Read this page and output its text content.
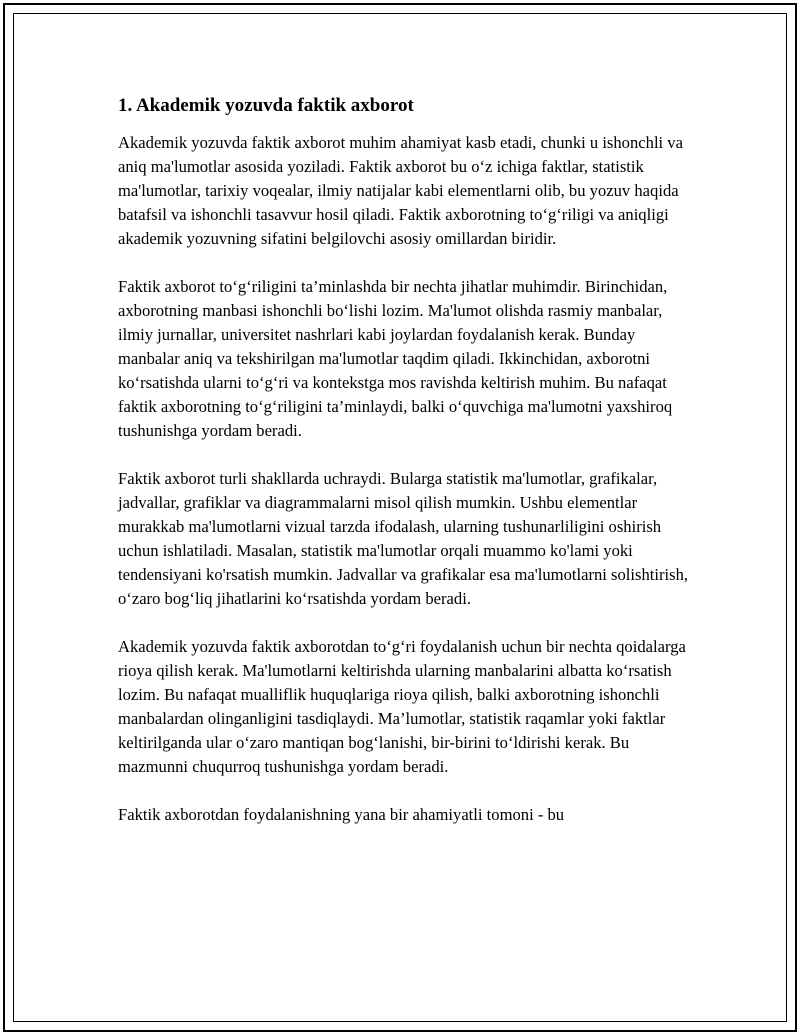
1. Akademik yozuvda faktik axborot

Akademik yozuvda faktik axborot muhim ahamiyat kasb etadi, chunki u ishonchli va aniq ma'lumotlar asosida yoziladi. Faktik axborot bu o‘z ichiga faktlar, statistik ma'lumotlar, tarixiy voqealar, ilmiy natijalar kabi elementlarni olib, bu yozuv haqida batafsil va ishonchli tasavvur hosil qiladi. Faktik axborotning to‘g‘riligi va aniqligi akademik yozuvning sifatini belgilovchi asosiy omillardan biridir.

Faktik axborot to‘g‘riligini ta’minlashda bir nechta jihatlar muhimdir. Birinchidan, axborotning manbasi ishonchli bo‘lishi lozim. Ma'lumot olishda rasmiy manbalar, ilmiy jurnallar, universitet nashrlari kabi joylardan foydalanish kerak. Bunday manbalar aniq va tekshirilgan ma'lumotlar taqdim qiladi. Ikkinchidan, axborotni ko‘rsatishda ularni to‘g‘ri va kontekstga mos ravishda keltirish muhim. Bu nafaqat faktik axborotning to‘g‘riligini ta’minlaydi, balki o‘quvchiga ma'lumotni yaxshiroq tushunishga yordam beradi.

Faktik axborot turli shakllarda uchraydi. Bularga statistik ma'lumotlar, grafikalar, jadvallar, grafiklar va diagrammalarni misol qilish mumkin. Ushbu elementlar murakkab ma'lumotlarni vizual tarzda ifodalash, ularning tushunarliligini oshirish uchun ishlatiladi. Masalan, statistik ma'lumotlar orqali muammo ko'lami yoki tendensiyani ko'rsatish mumkin. Jadvallar va grafikalar esa ma'lumotlarni solishtirish, o‘zaro bog‘liq jihatlarini ko‘rsatishda yordam beradi.

Akademik yozuvda faktik axborotdan to‘g‘ri foydalanish uchun bir nechta qoidalarga rioya qilish kerak. Ma'lumotlarni keltirishda ularning manbalarini albatta ko‘rsatish lozim. Bu nafaqat mualliflik huquqlariga rioya qilish, balki axborotning ishonchli manbalardan olinganligini tasdiqlaydi. Ma’lumotlar, statistik raqamlar yoki faktlar keltirilganda ular o‘zaro mantiqan bog‘lanishi, bir-birini to‘ldirishi kerak. Bu mazmunni chuqurroq tushunishga yordam beradi.

Faktik axborotdan foydalanishning yana bir ahamiyatli tomoni - bu
